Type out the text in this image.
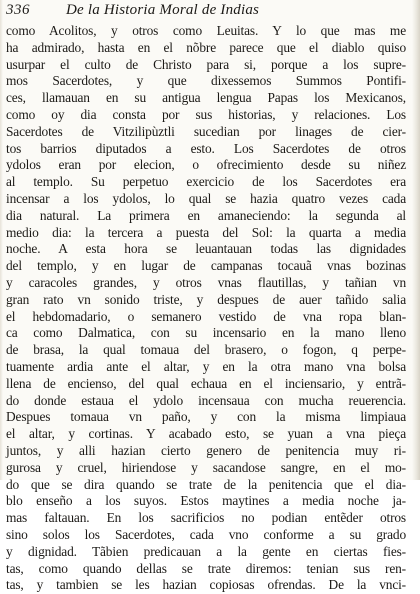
336 De la Historia Moral de Indias
como Acolitos, y otros como Leuitas. Y lo que mas me
ha admirado, hasta en el nõbre parece que el diablo quiso
usurpar el culto de Christo para si, porque a los supre-
mos Sacerdotes, y que dixessemos Summos Pontifi-
ces, llamauan en su antigua lengua Papas los Mexicanos,
como oy dia consta por sus historias, y relaciones. Los
Sacerdotes de Vitzilipùztli sucedian por linages de cier-
tos barrios diputados a esto. Los Sacerdotes de otros
ydolos eran por elecion, o ofrecimiento desde su niñez
al templo. Su perpetuo exercicio de los Sacerdotes era
incensar a los ydolos, lo qual se hazia quatro vezes cada
dia natural. La primera en amaneciendo: la segunda al
medio dia: la tercera a puesta del Sol: la quarta a media
noche. A esta hora se leuantauan todas las dignidades
del templo, y en lugar de campanas tocauã vnas bozinas
y caracoles grandes, y otros vnas flautillas, y tañian vn
gran rato vn sonido triste, y despues de auer tañido salia
el hebdomadario, o semanero vestido de vna ropa blan-
ca como Dalmatica, con su incensario en la mano lleno
de brasa, la qual tomaua del brasero, o fogon, q perpe-
tuamente ardia ante el altar, y en la otra mano vna bolsa
llena de encienso, del qual echaua en el inciensario, y entrã-
do donde estaua el ydolo incensaua con mucha reuerencia.
Despues tomaua vn paño, y con la misma limpiaua
el altar, y cortinas. Y acabado esto, se yuan a vna pieça
juntos, y alli hazian cierto genero de penitencia muy ri-
gurosa y cruel, hiriendose y sacandose sangre, en el mo-
do que se dira quando se trate de la penitencia que el dia-
blo enseño a los suyos. Estos maytines a media noche ja-
mas faltauan. En los sacrificios no podian entẽder otros
sino solos los Sacerdotes, cada vno conforme a su grado
y dignidad. Tãbien predicauan a la gente en ciertas fies-
tas, como quando dellas se trate diremos: tenian sus ren-
tas, y tambien se les hazian copiosas ofrendas. De la vnci-
